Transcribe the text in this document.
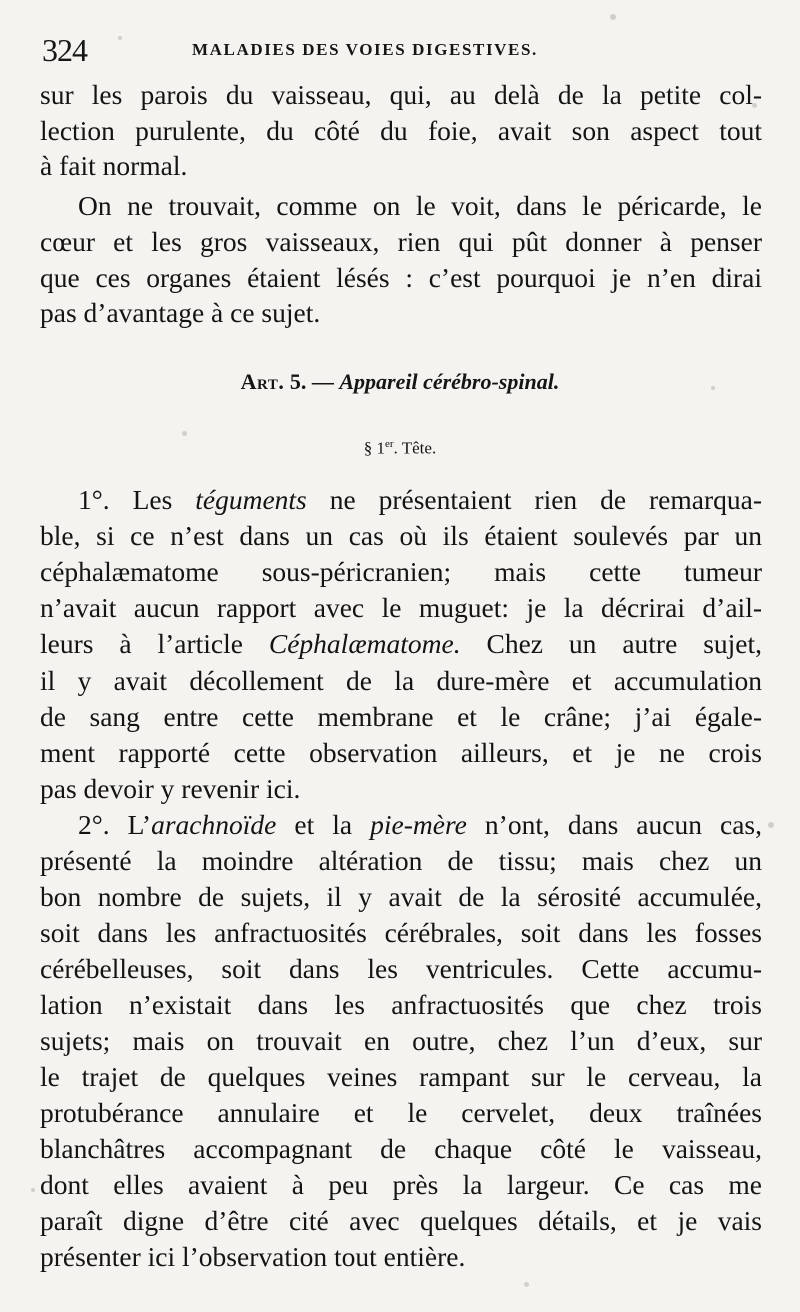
324	MALADIES DES VOIES DIGESTIVES.
sur les parois du vaisseau, qui, au delà de la petite col-
lection purulente, du côté du foie, avait son aspect tout
à fait normal.
On ne trouvait, comme on le voit, dans le péricarde, le
cœur et les gros vaisseaux, rien qui pût donner à penser
que ces organes étaient lésés : c’est pourquoi je n’en dirai
pas d’avantage à ce sujet.
Art. 5. — Appareil cérébro-spinal.
§ 1er. Tête.
1°. Les téguments ne présentaient rien de remarqua-
ble, si ce n’est dans un cas où ils étaient soulevés par un
céphalæmatome sous-péricranien; mais cette tumeur
n’avait aucun rapport avec le muguet: je la décrirai d’ail-
leurs à l’article Céphalæmatome. Chez un autre sujet,
il y avait décollement de la dure-mère et accumulation
de sang entre cette membrane et le crâne; j’ai égale-
ment rapporté cette observation ailleurs, et je ne crois
pas devoir y revenir ici.
2°. L’arachnoïde et la pie-mère n’ont, dans aucun cas,
présenté la moindre altération de tissu; mais chez un
bon nombre de sujets, il y avait de la sérosité accumulée,
soit dans les anfractuosités cérébrales, soit dans les fosses
cérébelleuses, soit dans les ventricules. Cette accumu-
lation n’existait dans les anfractuosités que chez trois
sujets; mais on trouvait en outre, chez l’un d’eux, sur
le trajet de quelques veines rampant sur le cerveau, la
protubérance annulaire et le cervelet, deux traînées
blanchâtres accompagnant de chaque côté le vaisseau,
dont elles avaient à peu près la largeur. Ce cas me
paraît digne d’être cité avec quelques détails, et je vais
présenter ici l’observation tout entière.
